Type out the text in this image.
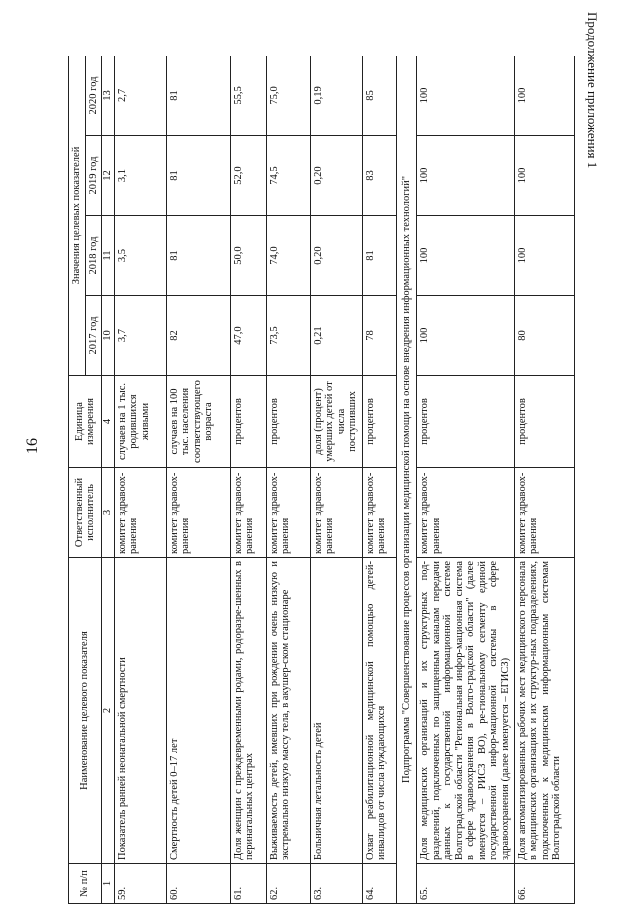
16
Продолжение приложения 1
№ п/п	Наименование целевого показателя	Ответственный исполнитель	Единица измерения	Значения целевых показателей			
				2017 год	2018 год	2019 год	2020 год
1	2	3	4	10	11	12	13
59.	Показатель ранней неонатальной смертности	комитет здравоох-ранения	случаев на 1 тыс. родившихся живыми	3,7	3,5	3,1	2,7
60.	Смертность детей 0–17 лет	комитет здравоох-ранения	случаев на 100 тыс. населения соответствующего возраста	82	81	81	81
61.	Доля женщин с преждевременными родами, родоразре-шенных в перинатальных центрах	комитет здравоох-ранения	процентов	47,0	50,0	52,0	55,5
62.	Выживаемость детей, имевших при рождении очень низкую и экстремально низкую массу тела, в акушер-ском стационаре	комитет здравоох-ранения	процентов	73,5	74,0	74,5	75,0
63.	Больничная летальность детей	комитет здравоох-ранения	доля (процент) умерших детей от числа поступивших	0,21	0,20	0,20	0,19
64.	Охват реабилитационной медицинской помощью детей-инвалидов от числа нуждающихся	комитет здравоох-ранения	процентов	78	81	83	85
Подпрограмма "Совершенствование процессов организации медицинской помощи на основе внедрения информационных технологий"							
65.	Доля медицинских организаций и их структурных под-разделений, подключенных по защищенным каналам передачи данных к государственной информационной системе Волгоградской области "Региональная инфор-мационная система в сфере здравоохранения в Волго-градской области" (далее именуется – РИСЗ ВО), ре-гиональному сегменту единой государственной инфор-мационной системы в сфере здравоохранения (далее именуется – ЕГИСЗ)	комитет здравоох-ранения	процентов	100	100	100	100
66.	Доля автоматизированных рабочих мест медицинского персонала в медицинских организациях и их структур-ных подразделениях, подключенных к медицинским информационным системам Волгоградской области	комитет здравоох-ранения	процентов	80	100	100	100
